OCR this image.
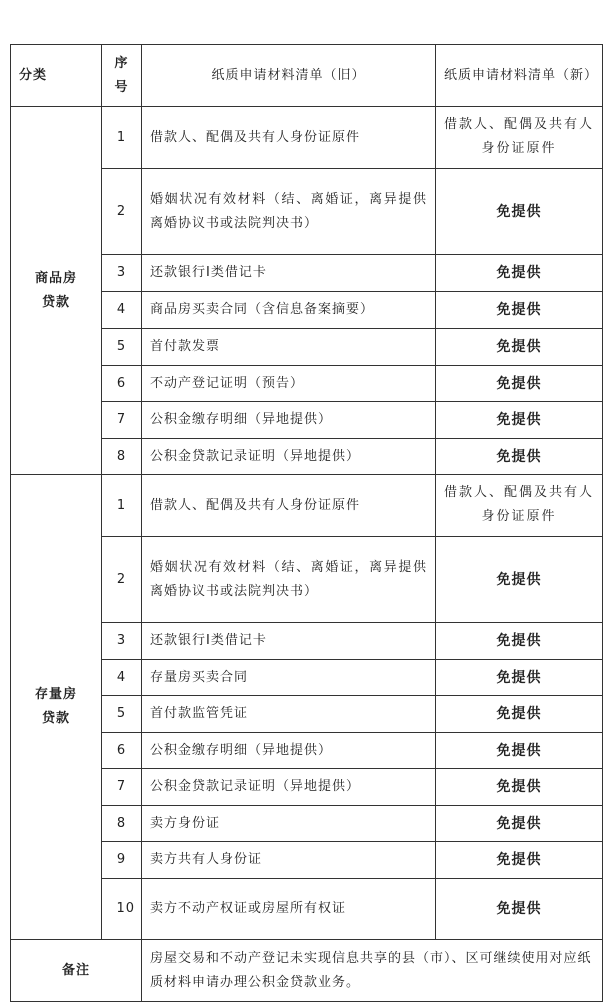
分类	序号	纸质申请材料清单（旧）	纸质申请材料清单（新）
商品房贷款	1	借款人、配偶及共有人身份证原件	借款人、配偶及共有人身份证原件
	2	婚姻状况有效材料（结、离婚证，离异提供离婚协议书或法院判决书）	免提供
	3	还款银行I类借记卡	免提供
	4	商品房买卖合同（含信息备案摘要）	免提供
	5	首付款发票	免提供
	6	不动产登记证明（预告）	免提供
	7	公积金缴存明细（异地提供）	免提供
	8	公积金贷款记录证明（异地提供）	免提供
存量房贷款	1	借款人、配偶及共有人身份证原件	借款人、配偶及共有人身份证原件
	2	婚姻状况有效材料（结、离婚证，离异提供离婚协议书或法院判决书）	免提供
	3	还款银行I类借记卡	免提供
	4	存量房买卖合同	免提供
	5	首付款监管凭证	免提供
	6	公积金缴存明细（异地提供）	免提供
	7	公积金贷款记录证明（异地提供）	免提供
	8	卖方身份证	免提供
	9	卖方共有人身份证	免提供
	10	卖方不动产权证或房屋所有权证	免提供
备注		房屋交易和不动产登记未实现信息共享的县（市）、区可继续使用对应纸质材料申请办理公积金贷款业务。	
